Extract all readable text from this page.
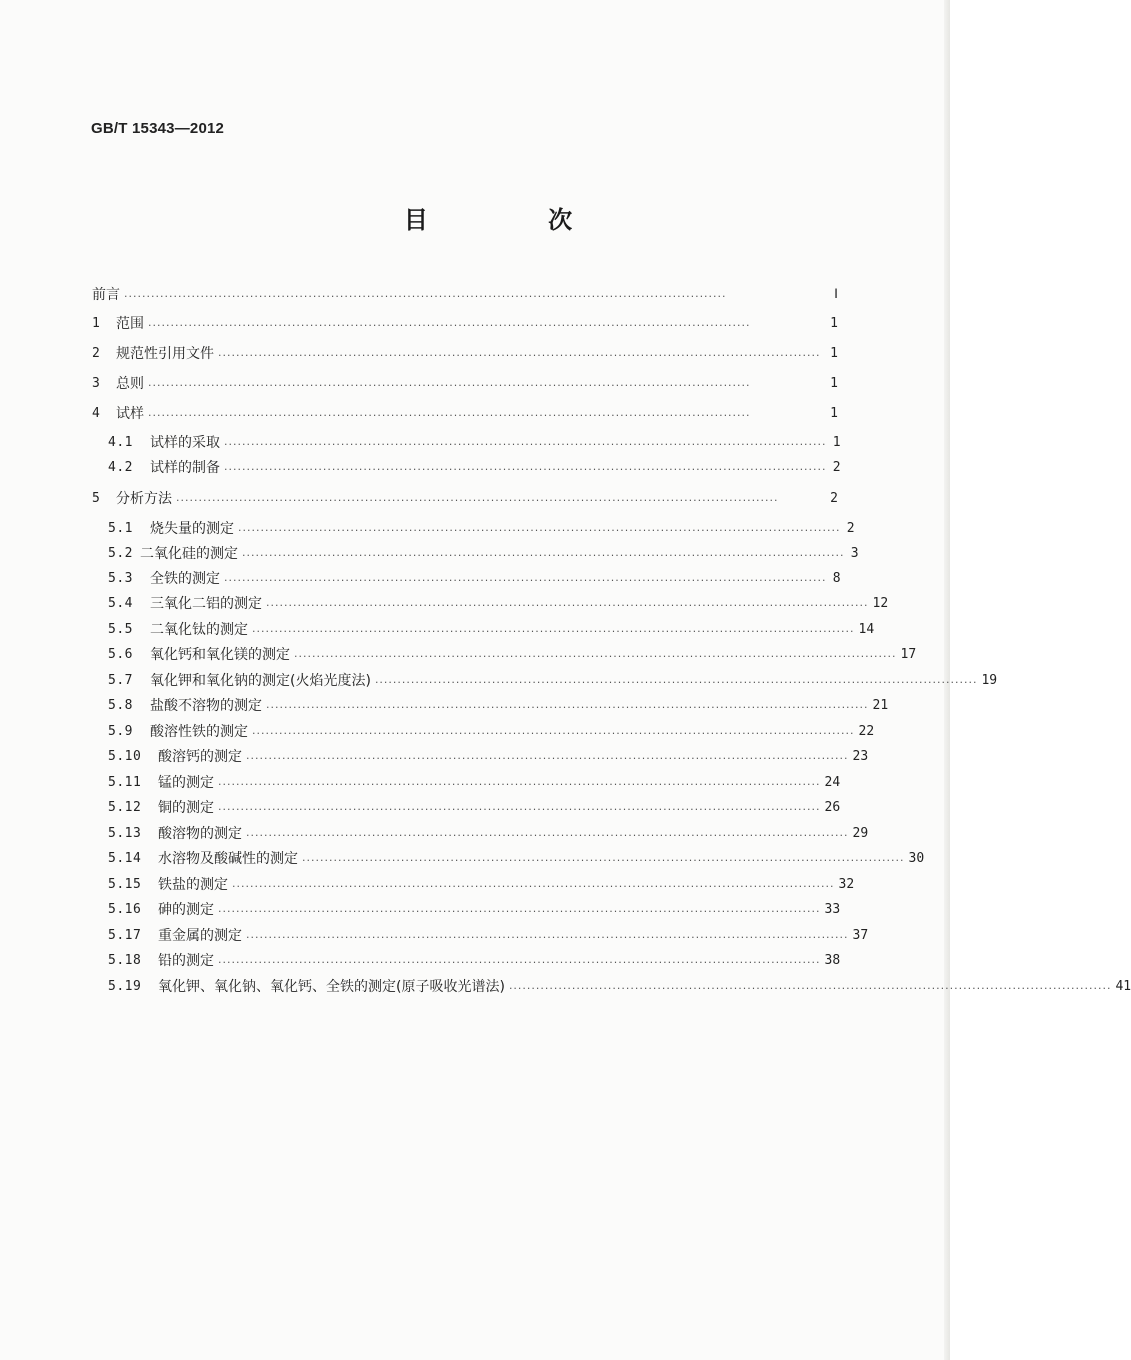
GB/T 15343—2012
目 次
前言 ······································································································································	Ⅰ
1	范围 ······································································································································	1
2	规范性引用文件 ······································································································································ 1
3	总则 ······································································································································	1
4	试样 ······································································································································	1
4.1	试样的采取 ······································································································································ 1
4.2	试样的制备 ······································································································································ 2
5	分析方法 ······································································································································	2
5.1	烧失量的测定 ······································································································································ 2
5.2 二氧化硅的测定 ······································································································································ 3
5.3	全铁的测定 ······································································································································ 8
5.4	三氧化二铝的测定 ······································································································································ 12
5.5	二氧化钛的测定 ······································································································································ 14
5.6	氧化钙和氧化镁的测定 ······································································································································ 17
5.7	氧化钾和氧化钠的测定(火焰光度法) ······································································································································ 19
5.8	盐酸不溶物的测定 ······································································································································ 21
5.9	酸溶性铁的测定 ······································································································································ 22
5.10	酸溶钙的测定 ······································································································································ 23
5.11	锰的测定 ······································································································································ 24
5.12	铜的测定 ······································································································································ 26
5.13	酸溶物的测定 ······································································································································ 29
5.14	水溶物及酸碱性的测定 ······································································································································ 30
5.15	铁盐的测定 ······································································································································ 32
5.16	砷的测定 ······································································································································ 33
5.17	重金属的测定 ······································································································································ 37
5.18	铅的测定 ······································································································································ 38
5.19	氧化钾、氧化钠、氧化钙、全铁的测定(原子吸收光谱法) ······································································································································ 41
